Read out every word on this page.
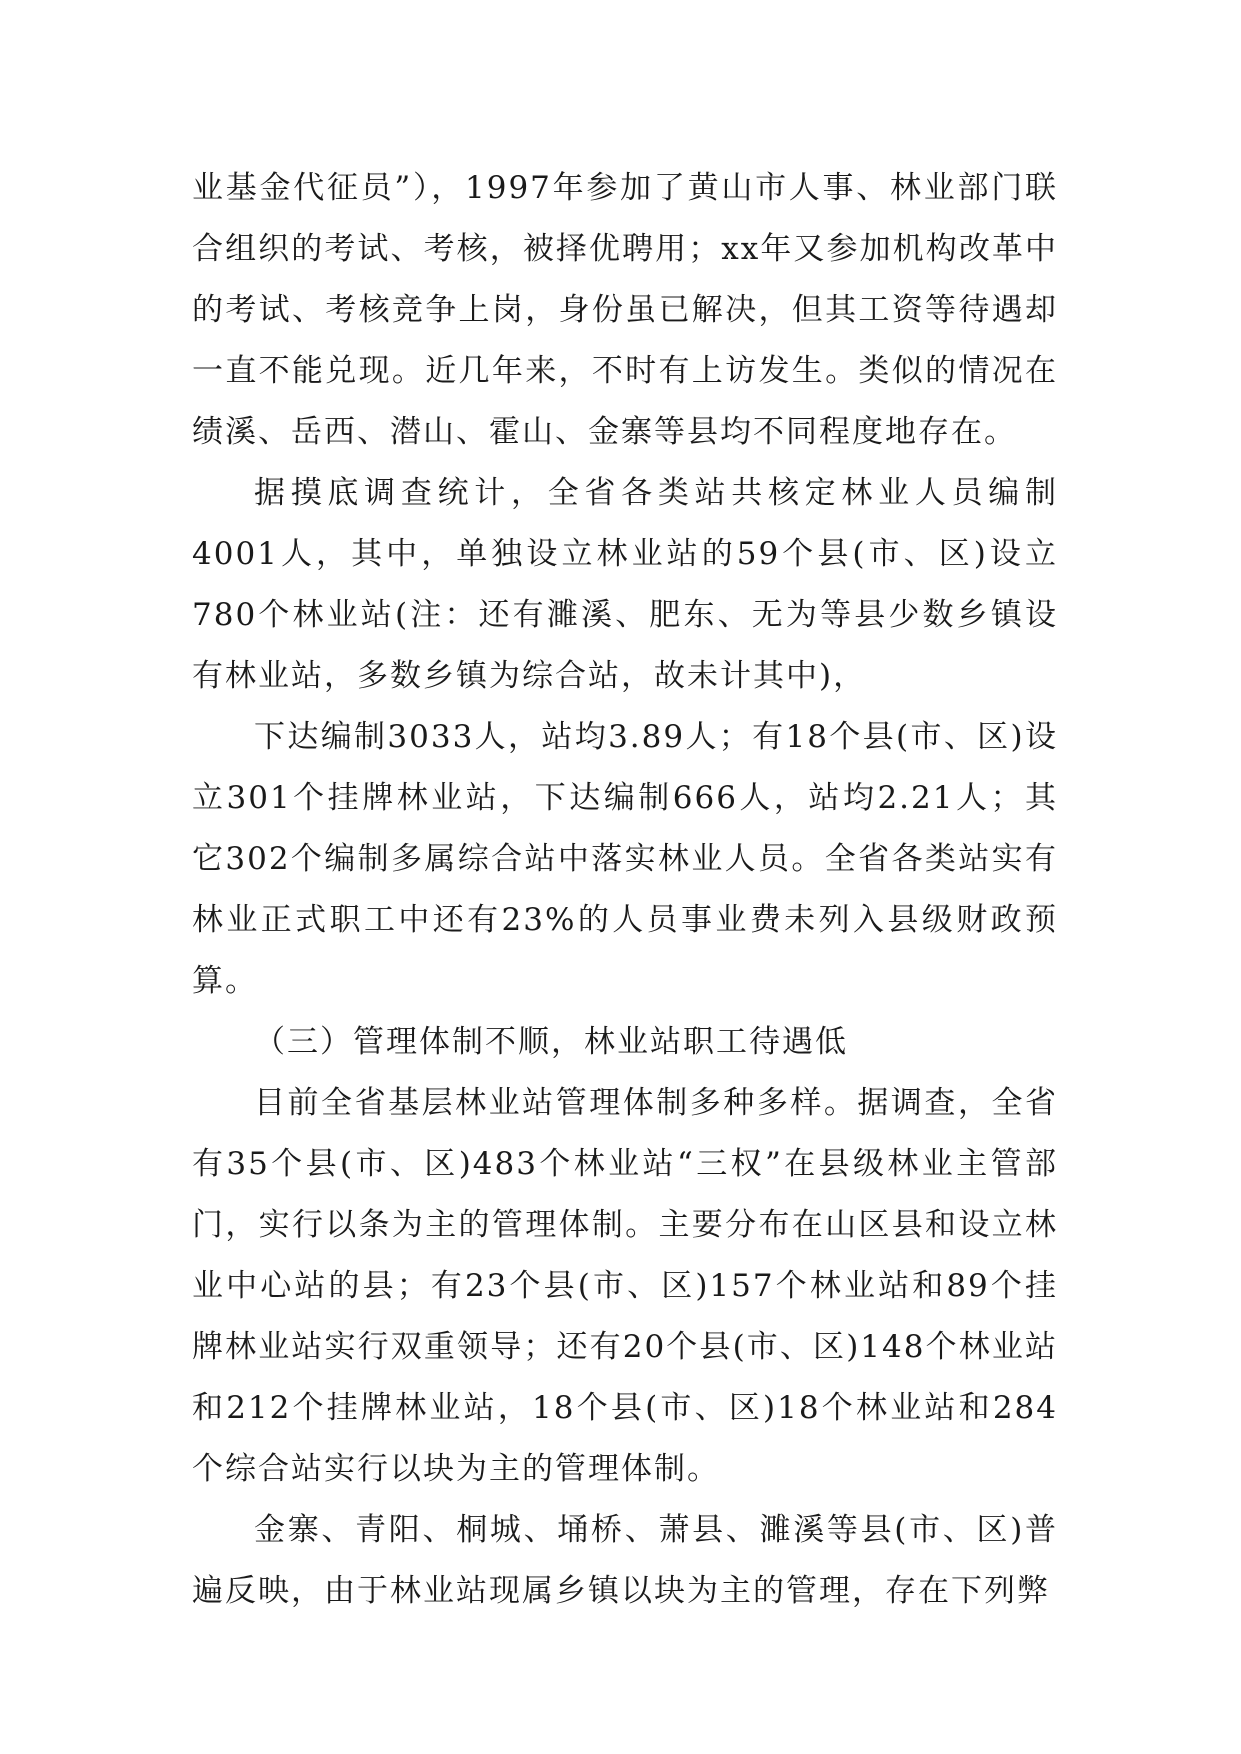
业基金代征员”），1997年参加了黄山市人事、林业部门联合组织的考试、考核，被择优聘用；xx年又参加机构改革中的考试、考核竞争上岗，身份虽已解决，但其工资等待遇却一直不能兑现。近几年来，不时有上访发生。类似的情况在绩溪、岳西、潜山、霍山、金寨等县均不同程度地存在。

据摸底调查统计，全省各类站共核定林业人员编制4001人，其中，单独设立林业站的59个县(市、区)设立780个林业站(注：还有濉溪、肥东、无为等县少数乡镇设有林业站，多数乡镇为综合站，故未计其中)，

下达编制3033人，站均3.89人；有18个县(市、区)设立301个挂牌林业站，下达编制666人，站均2.21人；其它302个编制多属综合站中落实林业人员。全省各类站实有林业正式职工中还有23%的人员事业费未列入县级财政预算。

（三）管理体制不顺，林业站职工待遇低

目前全省基层林业站管理体制多种多样。据调查，全省有35个县(市、区)483个林业站“三权”在县级林业主管部门，实行以条为主的管理体制。主要分布在山区县和设立林业中心站的县；有23个县(市、区)157个林业站和89个挂牌林业站实行双重领导；还有20个县(市、区)148个林业站和212个挂牌林业站，18个县(市、区)18个林业站和284个综合站实行以块为主的管理体制。

金寨、青阳、桐城、埇桥、萧县、濉溪等县(市、区)普遍反映，由于林业站现属乡镇以块为主的管理，存在下列弊
